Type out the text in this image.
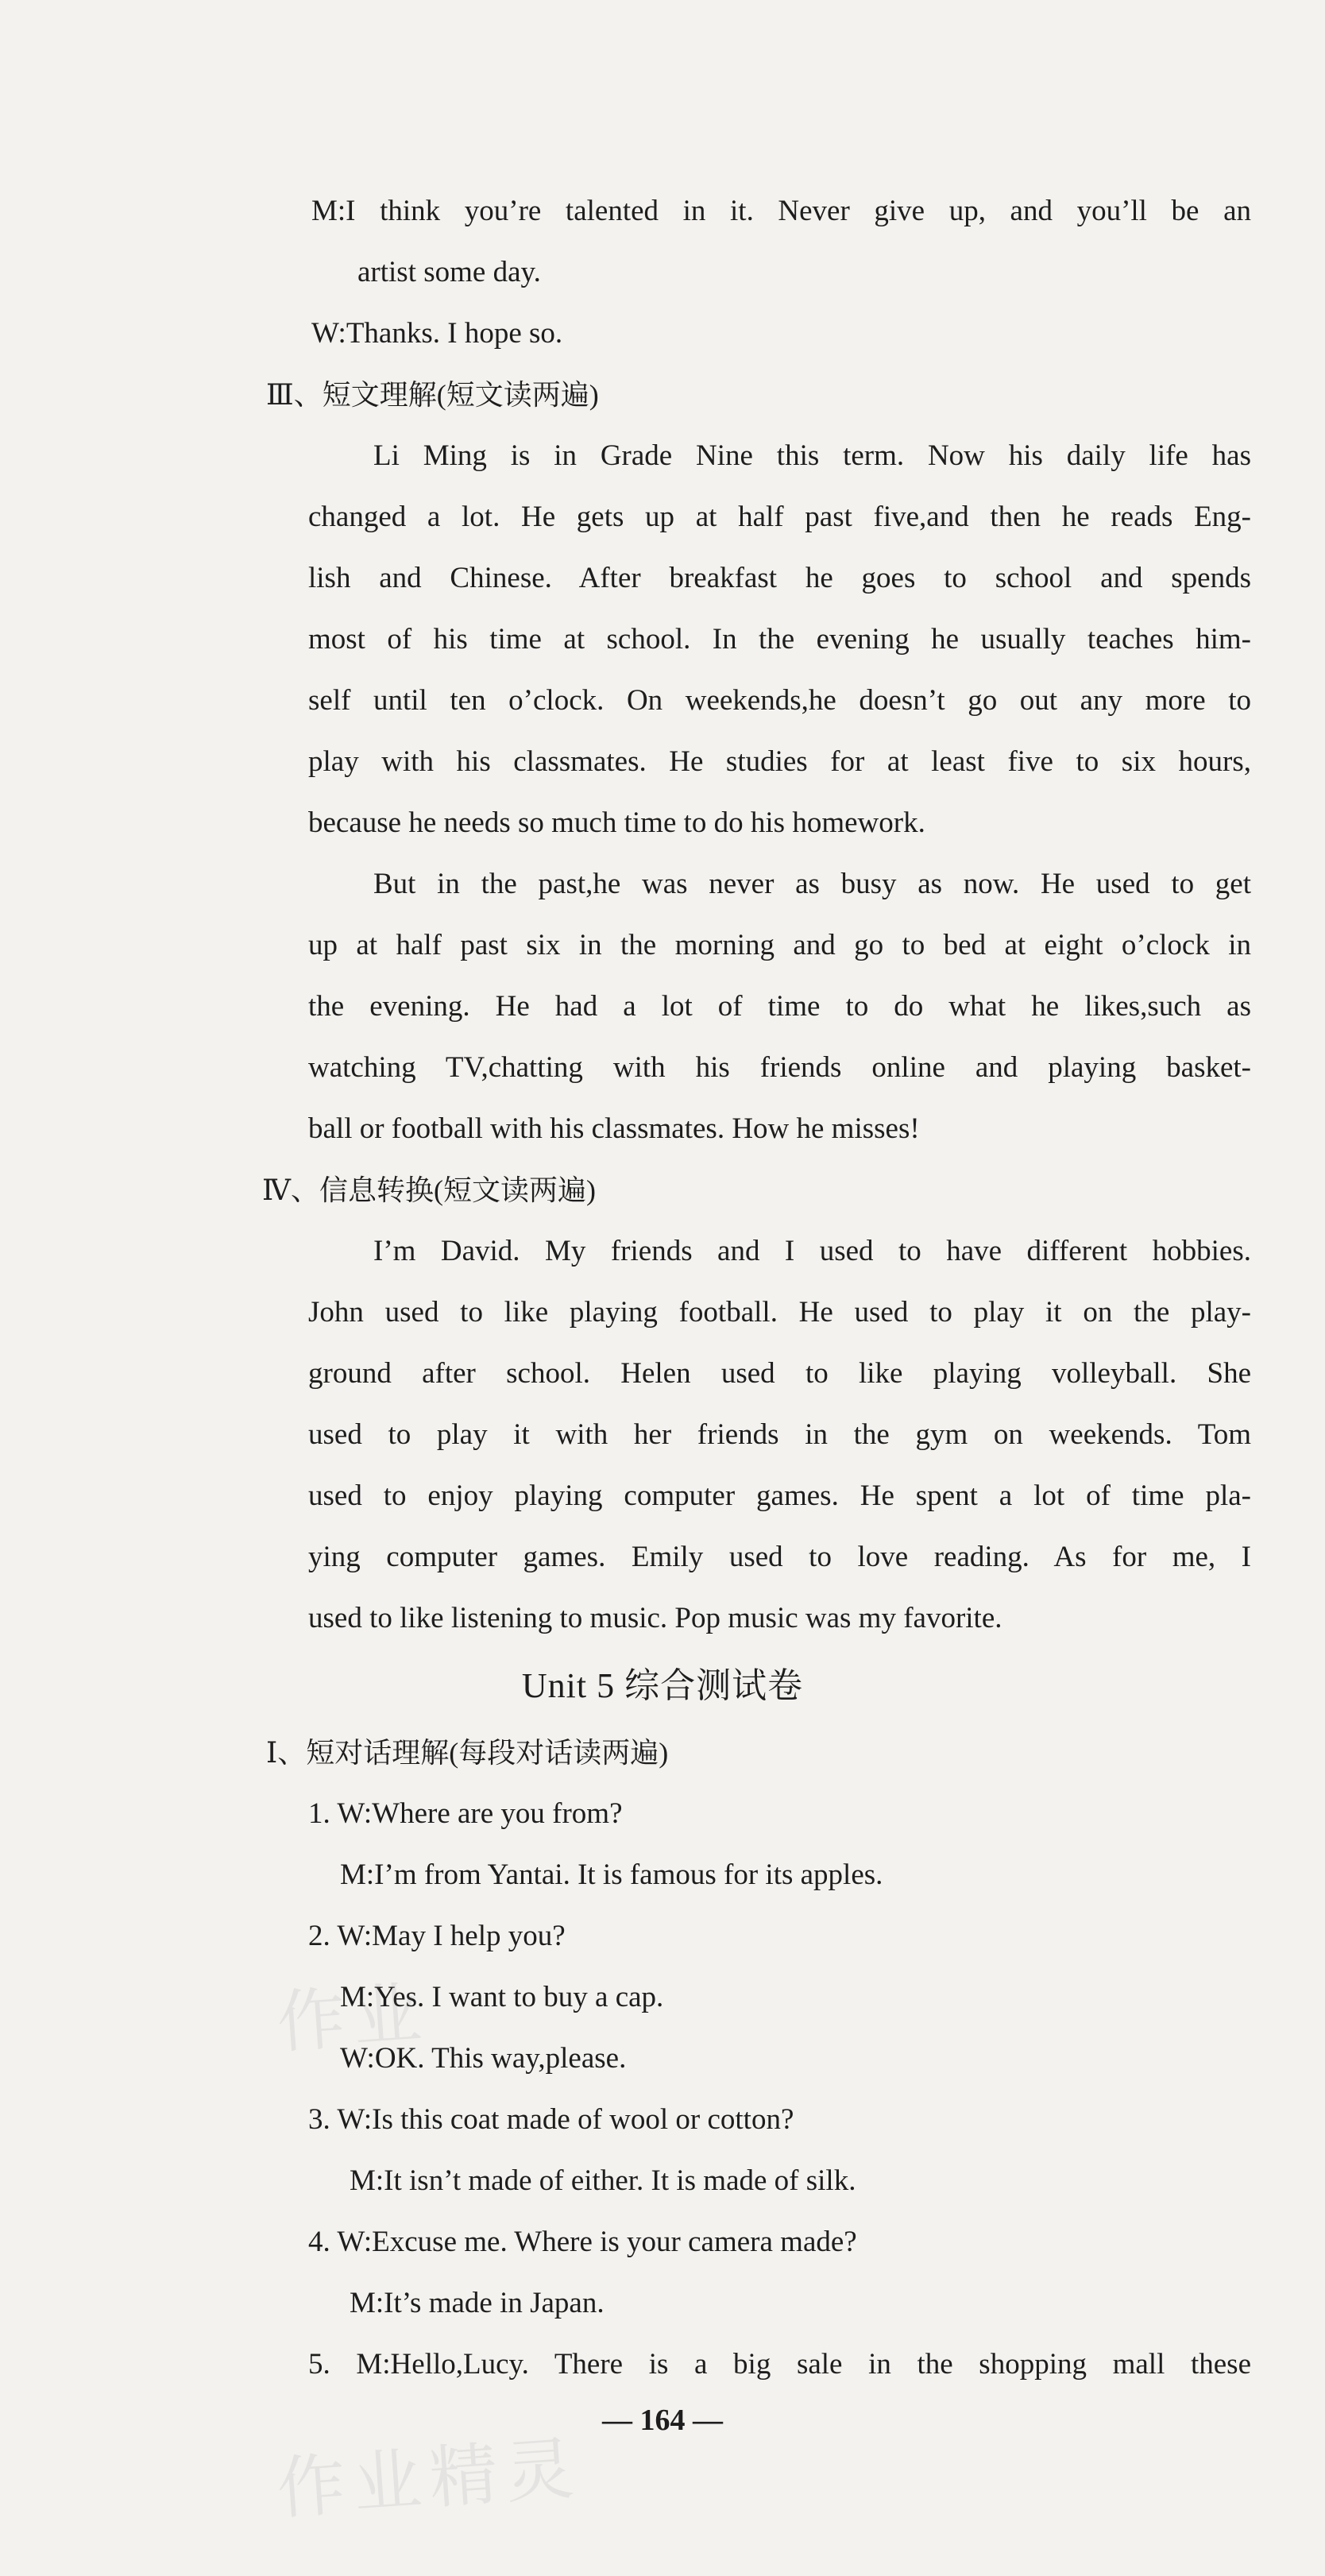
M:I think you’re talented in it. Never give up, and you’ll be an
artist some day.
W:Thanks. I hope so.
Ⅲ、短文理解(短文读两遍)
Li Ming is in Grade Nine this term. Now his daily life has
changed a lot. He gets up at half past five,and then he reads Eng-
lish and Chinese. After breakfast he goes to school and spends
most of his time at school. In the evening he usually teaches him-
self until ten o’clock. On weekends,he doesn’t go out any more to
play with his classmates. He studies for at least five to six hours,
because he needs so much time to do his homework.
But in the past,he was never as busy as now. He used to get
up at half past six in the morning and go to bed at eight o’clock in
the evening. He had a lot of time to do what he likes,such as
watching TV,chatting with his friends online and playing basket-
ball or football with his classmates. How he misses!
Ⅳ、信息转换(短文读两遍)
I’m David. My friends and I used to have different hobbies.
John used to like playing football. He used to play it on the play-
ground after school. Helen used to like playing volleyball. She
used to play it with her friends in the gym on weekends. Tom
used to enjoy playing computer games. He spent a lot of time pla-
ying computer games. Emily used to love reading. As for me, I
used to like listening to music. Pop music was my favorite.
Unit 5 综合测试卷
Ⅰ、短对话理解(每段对话读两遍)
1. W:Where are you from?
M:I’m from Yantai. It is famous for its apples.
2. W:May I help you?
M:Yes. I want to buy a cap.
W:OK. This way,please.
3. W:Is this coat made of wool or cotton?
M:It isn’t made of either. It is made of silk.
4. W:Excuse me. Where is your camera made?
M:It’s made in Japan.
5. M:Hello,Lucy. There is a big sale in the shopping mall these
— 164 —
作业
作业精灵
